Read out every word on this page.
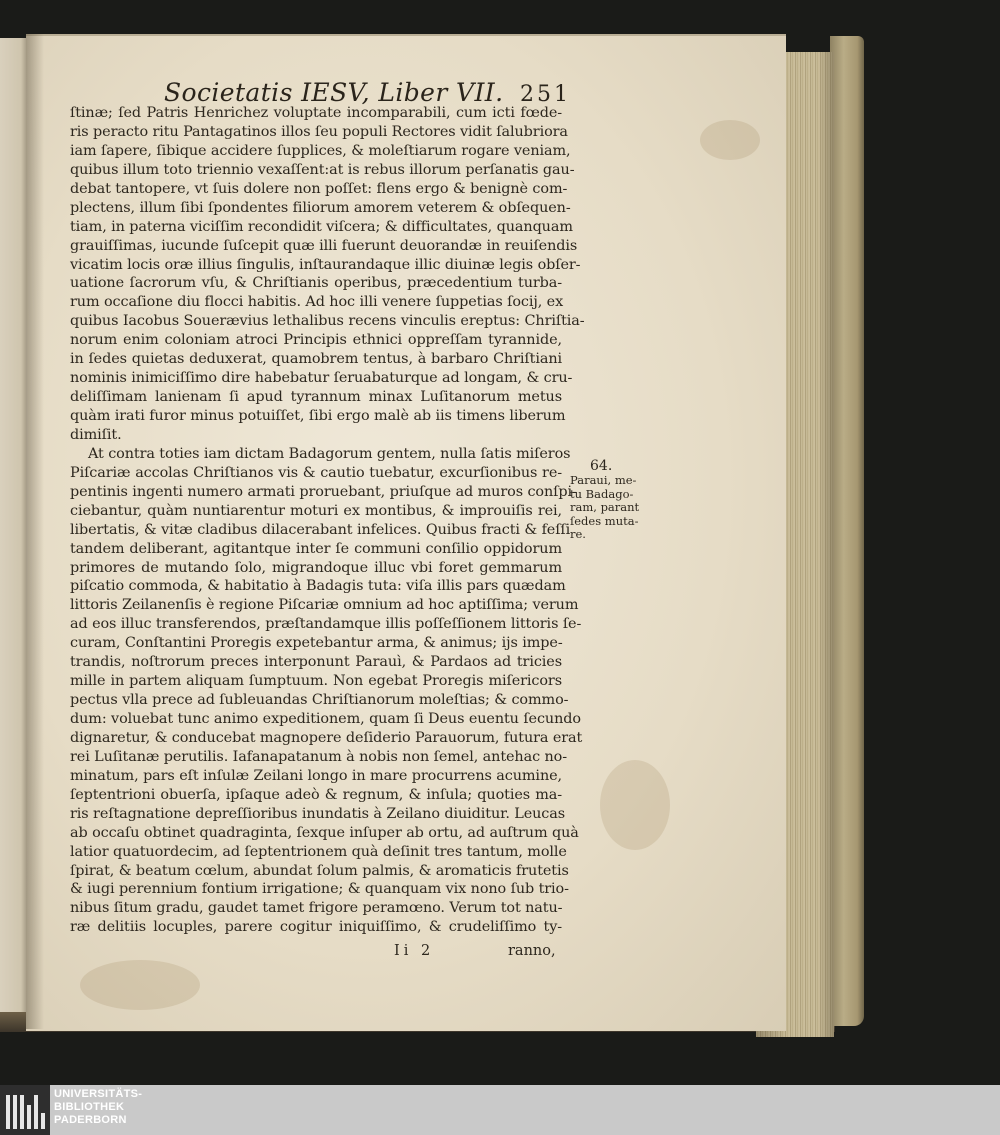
Societatis IESV, Liber VII. 251
ſtinæ; ſed Patris Henrichez voluptate incomparabili, cum icti fœde-
ris peracto ritu Pantagatinos illos ſeu populi Rectores vidit ſalubriora
iam ſapere, ſibique accidere ſupplices, & moleſtiarum rogare veniam,
quibus illum toto triennio vexaſſent:at is rebus illorum perſanatis gau-
debat tantopere, vt ſuis dolere non poſſet: flens ergo & benignè com-
plectens, illum ſibi ſpondentes filiorum amorem veterem & obſequen-
tiam, in paterna viciſſim recondidit viſcera; & difficultates, quanquam
grauiſſimas, iucunde ſuſcepit quæ illi fuerunt deuorandæ in reuiſendis
vicatim locis oræ illius ſingulis, inſtaurandaque illic diuinæ legis obſer-
uatione ſacrorum vſu, & Chriſtianis operibus, præcedentium turba-
rum occaſione diu flocci habitis. Ad hoc illi venere ſuppetias ſocij, ex
quibus Iacobus Souerævius lethalibus recens vinculis ereptus: Chriſtia-
norum enim coloniam atroci Principis ethnici oppreſſam tyrannide,
in ſedes quietas deduxerat, quamobrem tentus, à barbaro Chriſtiani
nominis inimiciſſimo dire habebatur ſeruabaturque ad longam, & cru-
deliſſimam lanienam ſi apud tyrannum minax Luſitanorum metus
quàm irati furor minus potuiſſet, ſibi ergo malè ab iis timens liberum
dimiſit.
At contra toties iam dictam Badagorum gentem, nulla ſatis miſeros
Piſcariæ accolas Chriſtianos vis & cautio tuebatur, excurſionibus re-
pentinis ingenti numero armati proruebant, priuſque ad muros conſpi-
ciebantur, quàm nuntiarentur moturi ex montibus, & improuiſis rei,
libertatis, & vitæ cladibus dilacerabant infelices. Quibus fracti & feſſi
tandem deliberant, agitantque inter ſe communi conſilio oppidorum
primores de mutando ſolo, migrandoque illuc vbi foret gemmarum
piſcatio commoda, & habitatio à Badagis tuta: viſa illis pars quædam
littoris Zeilanenſis è regione Piſcariæ omnium ad hoc aptiſſima; verum
ad eos illuc transferendos, præſtandamque illis poſſeſſionem littoris ſe-
curam, Conſtantini Proregis expetebantur arma, & animus; ijs impe-
trandis, noſtrorum preces interponunt Parauì, & Pardaos ad tricies
mille in partem aliquam ſumptuum. Non egebat Proregis miſericors
pectus vlla prece ad ſubleuandas Chriſtianorum moleſtias; & commo-
dum: voluebat tunc animo expeditionem, quam ſi Deus euentu ſecundo
dignaretur, & conducebat magnopere deſiderio Parauorum, futura erat
rei Luſitanæ perutilis. Iafanapatanum à nobis non ſemel, antehac no-
minatum, pars eſt inſulæ Zeilani longo in mare procurrens acumine,
ſeptentrioni obuerſa, ipſaque adeò & regnum, & inſula; quoties ma-
ris reſtagnatione depreſſioribus inundatis à Zeilano diuiditur. Leucas
ab occaſu obtinet quadraginta, ſexque inſuper ab ortu, ad auſtrum quà
latior quatuordecim, ad ſeptentrionem quà deſinit tres tantum, molle
ſpirat, & beatum cœlum, abundat ſolum palmis, & aromaticis frutetis
& iugi perennium fontium irrigatione; & quanquam vix nono ſub trio-
nibus ſitum gradu, gaudet tamet frigore peramœno. Verum tot natu-
ræ delitiis locuples, parere cogitur iniquiſſimo, & crudeliſſimo ty-
64.
Paraui, me-
tu Badago-
ram, parant
ſedes muta-
re.
Ii 2	ranno,
UNIVERSITÄTS-
BIBLIOTHEK
PADERBORN
